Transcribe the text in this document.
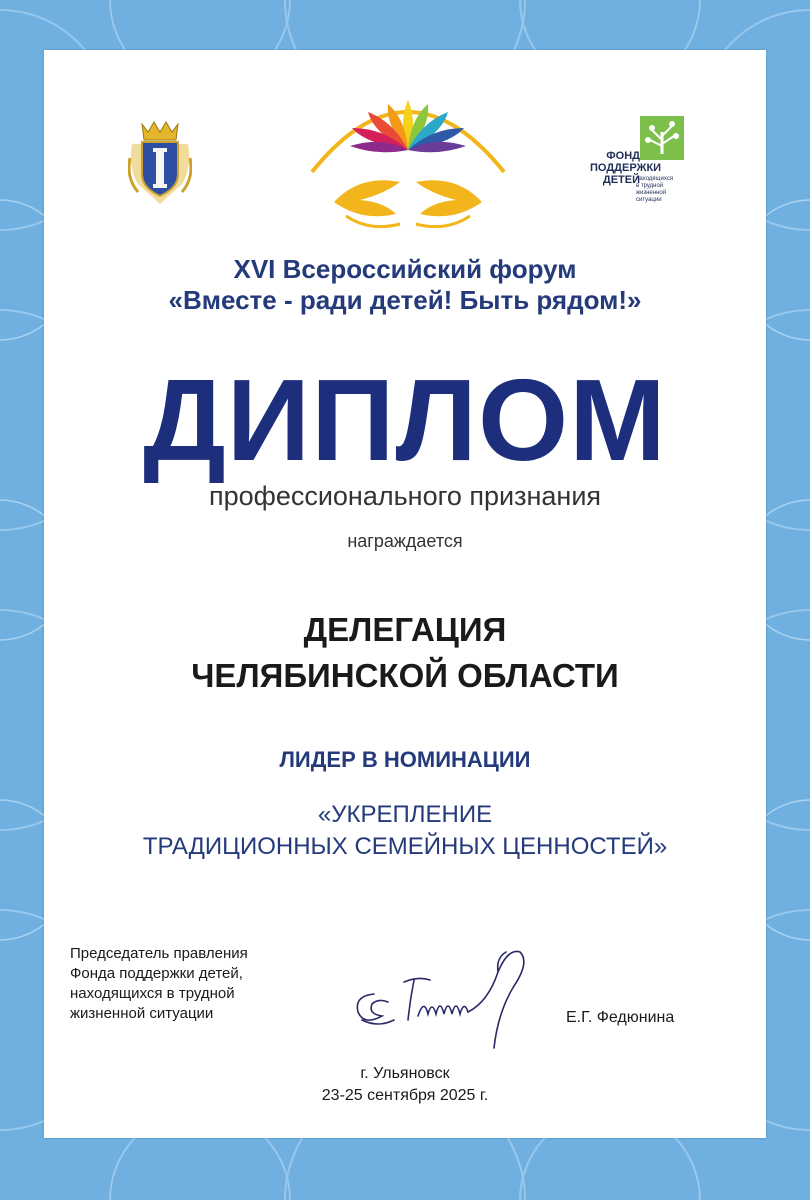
ФОНД
ПОДДЕРЖКИ
ДЕТЕЙ
находящихся
в трудной
жизненной
ситуации
XVI Всероссийский форум
«Вместе - ради детей! Быть рядом!»
ДИПЛОМ
профессионального признания
награждается
ДЕЛЕГАЦИЯ
ЧЕЛЯБИНСКОЙ ОБЛАСТИ
ЛИДЕР В НОМИНАЦИИ
«УКРЕПЛЕНИЕ
ТРАДИЦИОННЫХ СЕМЕЙНЫХ ЦЕННОСТЕЙ»
Председатель правления
Фонда поддержки детей,
находящихся в трудной
жизненной ситуации	Е.Г. Федюнина
г. Ульяновск
23-25 сентября 2025 г.
